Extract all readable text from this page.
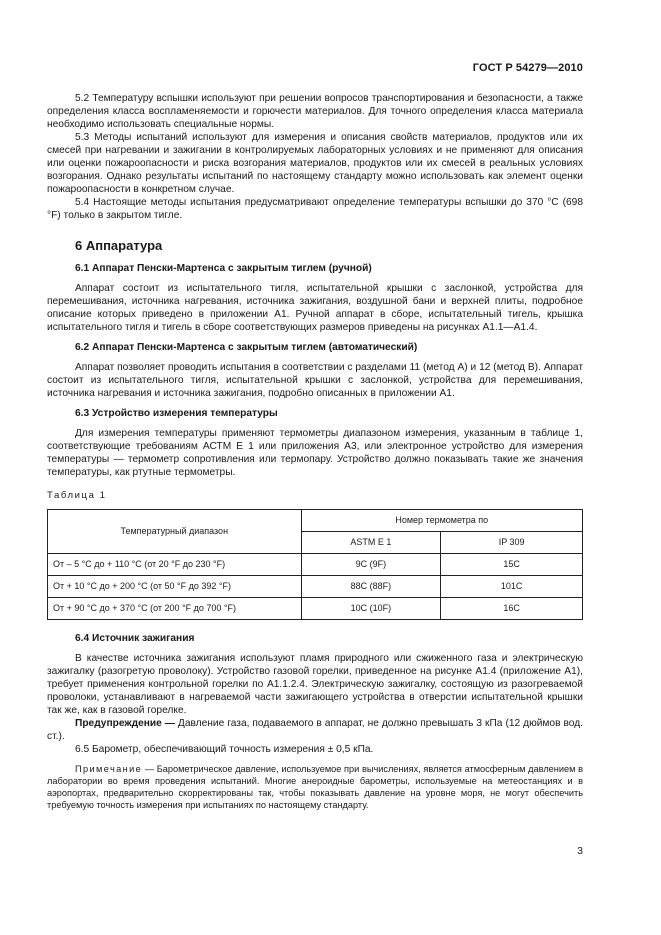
ГОСТ Р 54279—2010

5.2 Температуру вспышки используют при решении вопросов транспортирования и безопасности, а также определения класса воспламеняемости и горючести материалов. Для точного определения класса материала необходимо использовать специальные нормы.

5.3 Методы испытаний используют для измерения и описания свойств материалов, продуктов или их смесей при нагревании и зажигании в контролируемых лабораторных условиях и не применяют для описания или оценки пожароопасности и риска возгорания материалов, продуктов или их смесей в реальных условиях возгорания. Однако результаты испытаний по настоящему стандарту можно использовать как элемент оценки пожароопасности в конкретном случае.

5.4 Настоящие методы испытания предусматривают определение температуры вспышки до 370 °С (698 °F) только в закрытом тигле.

6 Аппаратура
6.1 Аппарат Пенски-Мартенса с закрытым тиглем (ручной)

Аппарат состоит из испытательного тигля, испытательной крышки с заслонкой, устройства для перемешивания, источника нагревания, источника зажигания, воздушной бани и верхней плиты, подробное описание которых приведено в приложении А1. Ручной аппарат в сборе, испытательный тигель, крышка испытательного тигля и тигель в сборе соответствующих размеров приведены на рисунках А1.1—А1.4.

6.2 Аппарат Пенски-Мартенса с закрытым тиглем (автоматический)

Аппарат позволяет проводить испытания в соответствии с разделами 11 (метод А) и 12 (метод В). Аппарат состоит из испытательного тигля, испытательной крышки с заслонкой, устройства для перемешивания, источника нагревания и источника зажигания, подробно описанных в приложении А1.

6.3 Устройство измерения температуры

Для измерения температуры применяют термометры диапазоном измерения, указанным в таблице 1, соответствующие требованиям АСТМ Е 1 или приложения А3, или электронное устройство для измерения температуры — термометр сопротивления или термопару. Устройство должно показывать такие же значения температуры, как ртутные термометры.

Таблица 1
Температурный диапазон	Номер термометра по	
	ASTM E 1	IP 309
От – 5 °С до + 110 °С (от 20 °F до 230 °F)	9C (9F)	15C
От + 10 °С до + 200 °С (от 50 °F до 392 °F)	88C (88F)	101C
От + 90 °С до + 370 °С (от 200 °F до 700 °F)	10C (10F)	16C
6.4 Источник зажигания

В качестве источника зажигания используют пламя природного или сжиженного газа и электрическую зажигалку (разогретую проволоку). Устройство газовой горелки, приведенное на рисунке А1.4 (приложение А1), требует применения контрольной горелки по А1.1.2.4. Электрическую зажигалку, состоящую из разогреваемой проволоки, устанавливают в нагреваемой части зажигающего устройства в отверстии испытательной крышки так же, как в газовой горелке.

Предупреждение — Давление газа, подаваемого в аппарат, не должно превышать 3 кПа (12 дюймов вод. ст.).

6.5 Барометр, обеспечивающий точность измерения ± 0,5 кПа.

Примечание — Барометрическое давление, используемое при вычислениях, является атмосферным давлением в лаборатории во время проведения испытаний. Многие анероидные барометры, используемые на метеостанциях и в аэропортах, предварительно скорректированы так, чтобы показывать давление на уровне моря, не могут обеспечить требуемую точность измерения при испытаниях по настоящему стандарту.

3
